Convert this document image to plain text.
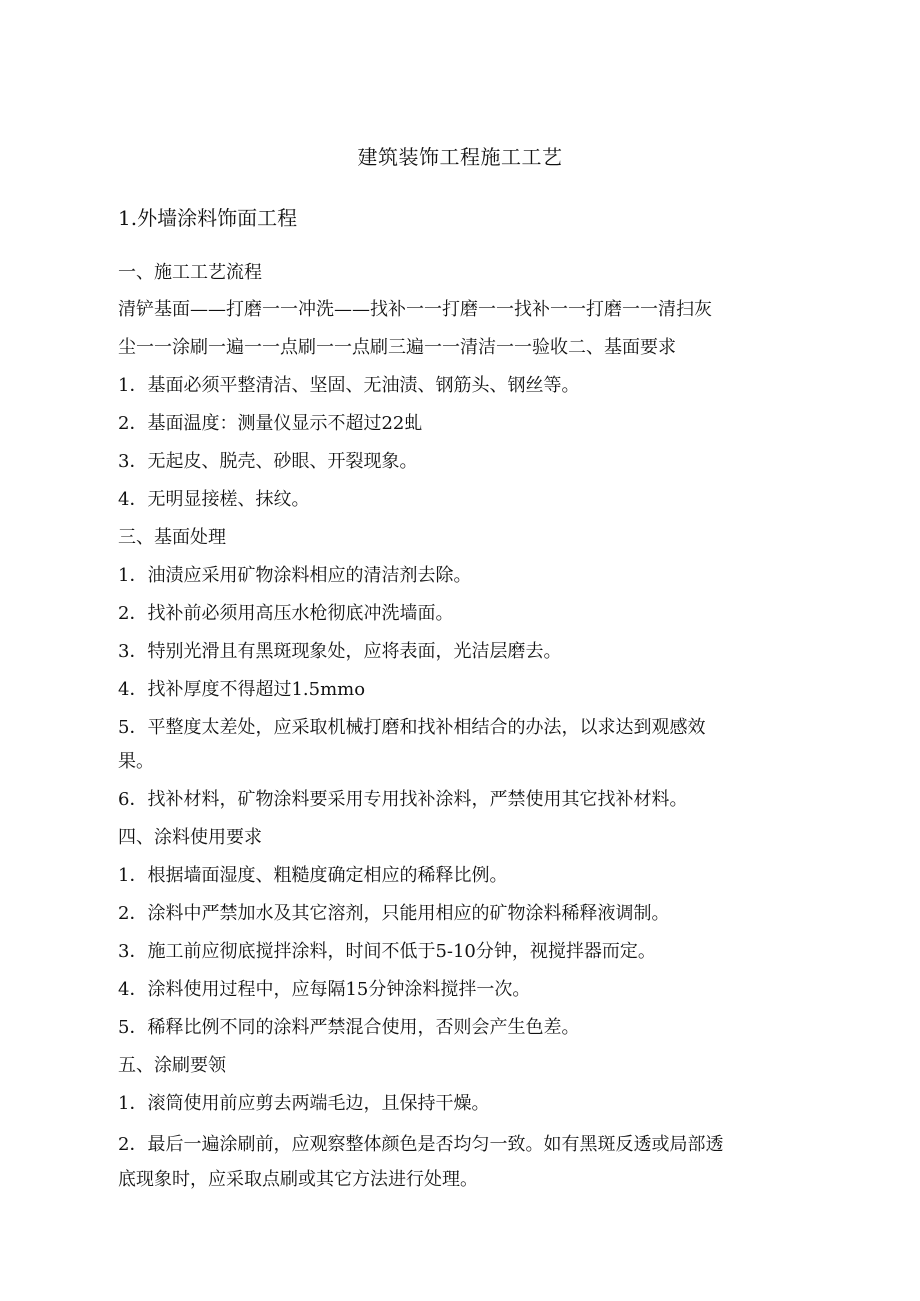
建筑装饰工程施工工艺
1.外墙涂料饰面工程
一、施工工艺流程
清铲基面——打磨一一冲洗——找补一一打磨一一找补一一打磨一一清扫灰
尘一一涂刷一遍一一点刷一一点刷三遍一一清洁一一验收二、基面要求
1．基面必须平整清洁、坚固、无油渍、钢筋头、钢丝等。
2．基面温度：测量仪显示不超过22虬
3．无起皮、脱壳、砂眼、开裂现象。
4．无明显接槎、抹纹。
三、基面处理
1．油渍应采用矿物涂料相应的清洁剂去除。
2．找补前必须用高压水枪彻底冲洗墙面。
3．特别光滑且有黑斑现象处，应将表面，光洁层磨去。
4．找补厚度不得超过1.5mmo
5．平整度太差处，应采取机械打磨和找补相结合的办法，以求达到观感效
果。
6．找补材料，矿物涂料要采用专用找补涂料，严禁使用其它找补材料。
四、涂料使用要求
1．根据墙面湿度、粗糙度确定相应的稀释比例。
2．涂料中严禁加水及其它溶剂，只能用相应的矿物涂料稀释液调制。
3．施工前应彻底搅拌涂料，时间不低于5-10分钟，视搅拌器而定。
4．涂料使用过程中，应每隔15分钟涂料搅拌一次。
5．稀释比例不同的涂料严禁混合使用，否则会产生色差。
五、涂刷要领
1．滚筒使用前应剪去两端毛边，且保持干燥。
2．最后一遍涂刷前，应观察整体颜色是否均匀一致。如有黑斑反透或局部透
底现象时，应采取点刷或其它方法进行处理。
